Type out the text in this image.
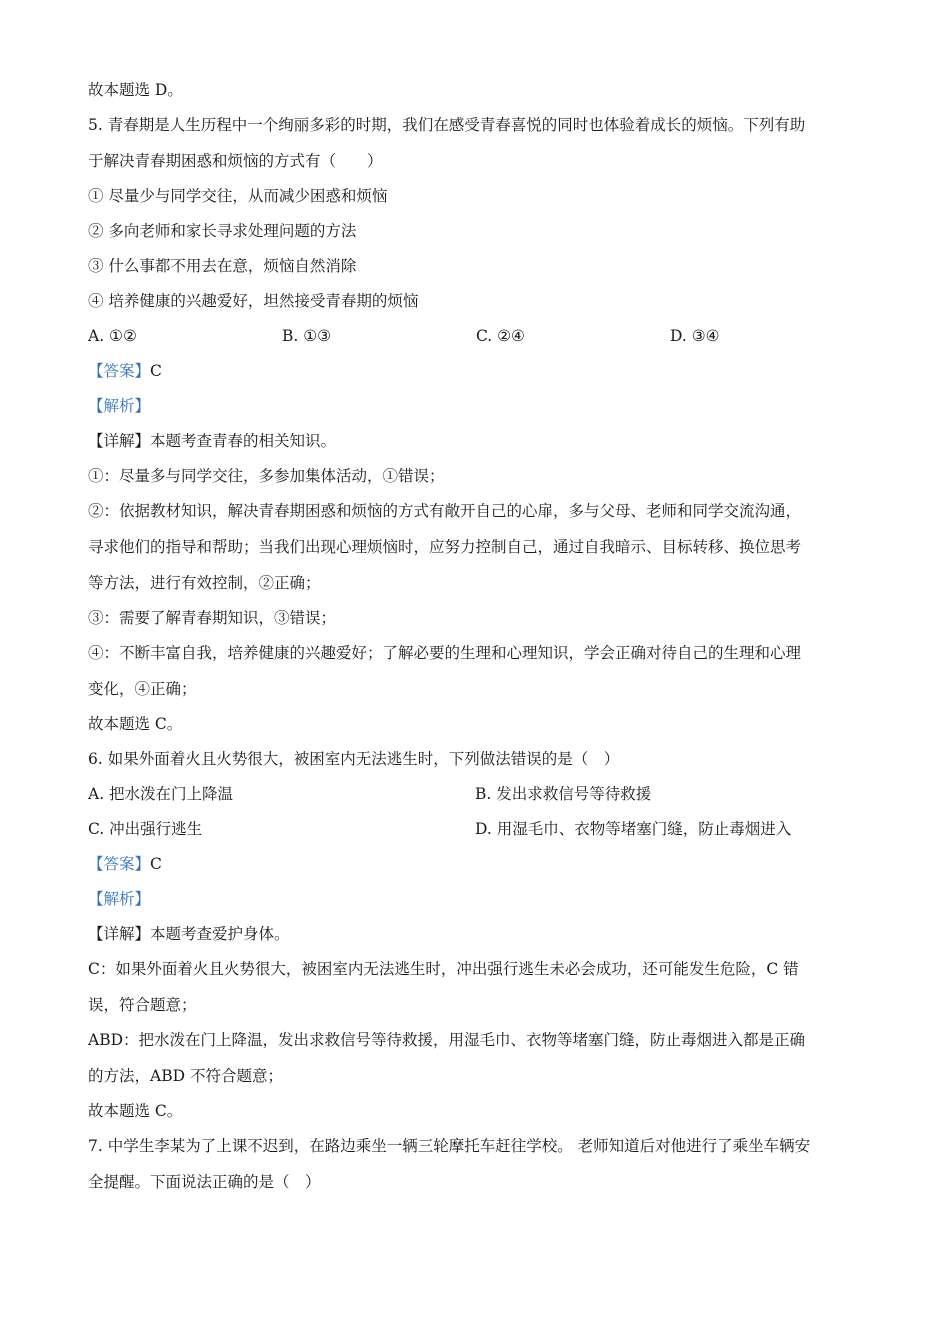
故本题选 D。

5. 青春期是人生历程中一个绚丽多彩的时期，我们在感受青春喜悦的同时也体验着成长的烦恼。下列有助

于解决青春期困惑和烦恼的方式有（　　）

① 尽量少与同学交往，从而减少困惑和烦恼

② 多向老师和家长寻求处理问题的方法

③ 什么事都不用去在意，烦恼自然消除

④ 培养健康的兴趣爱好，坦然接受青春期的烦恼

A. ①②	B. ①③	C. ②④	D. ③④

【答案】C

【解析】

【详解】本题考查青春的相关知识。

①：尽量多与同学交往，多参加集体活动，①错误；

②：依据教材知识，解决青春期困惑和烦恼的方式有敞开自己的心扉，多与父母、老师和同学交流沟通，

寻求他们的指导和帮助；当我们出现心理烦恼时，应努力控制自己，通过自我暗示、目标转移、换位思考

等方法，进行有效控制，②正确；

③：需要了解青春期知识，③错误；

④：不断丰富自我，培养健康的兴趣爱好；了解必要的生理和心理知识，学会正确对待自己的生理和心理

变化，④正确；

故本题选 C。

6. 如果外面着火且火势很大，被困室内无法逃生时，下列做法错误的是（　）

A. 把水泼在门上降温	B. 发出求救信号等待救援
C. 冲出强行逃生	D. 用湿毛巾、衣物等堵塞门缝，防止毒烟进入

【答案】C

【解析】

【详解】本题考查爱护身体。

C：如果外面着火且火势很大，被困室内无法逃生时，冲出强行逃生未必会成功，还可能发生危险，C 错

误，符合题意；

ABD：把水泼在门上降温，发出求救信号等待救援，用湿毛巾、衣物等堵塞门缝，防止毒烟进入都是正确

的方法，ABD 不符合题意；

故本题选 C。

7. 中学生李某为了上课不迟到，在路边乘坐一辆三轮摩托车赶往学校。 老师知道后对他进行了乘坐车辆安

全提醒。下面说法正确的是（　）
